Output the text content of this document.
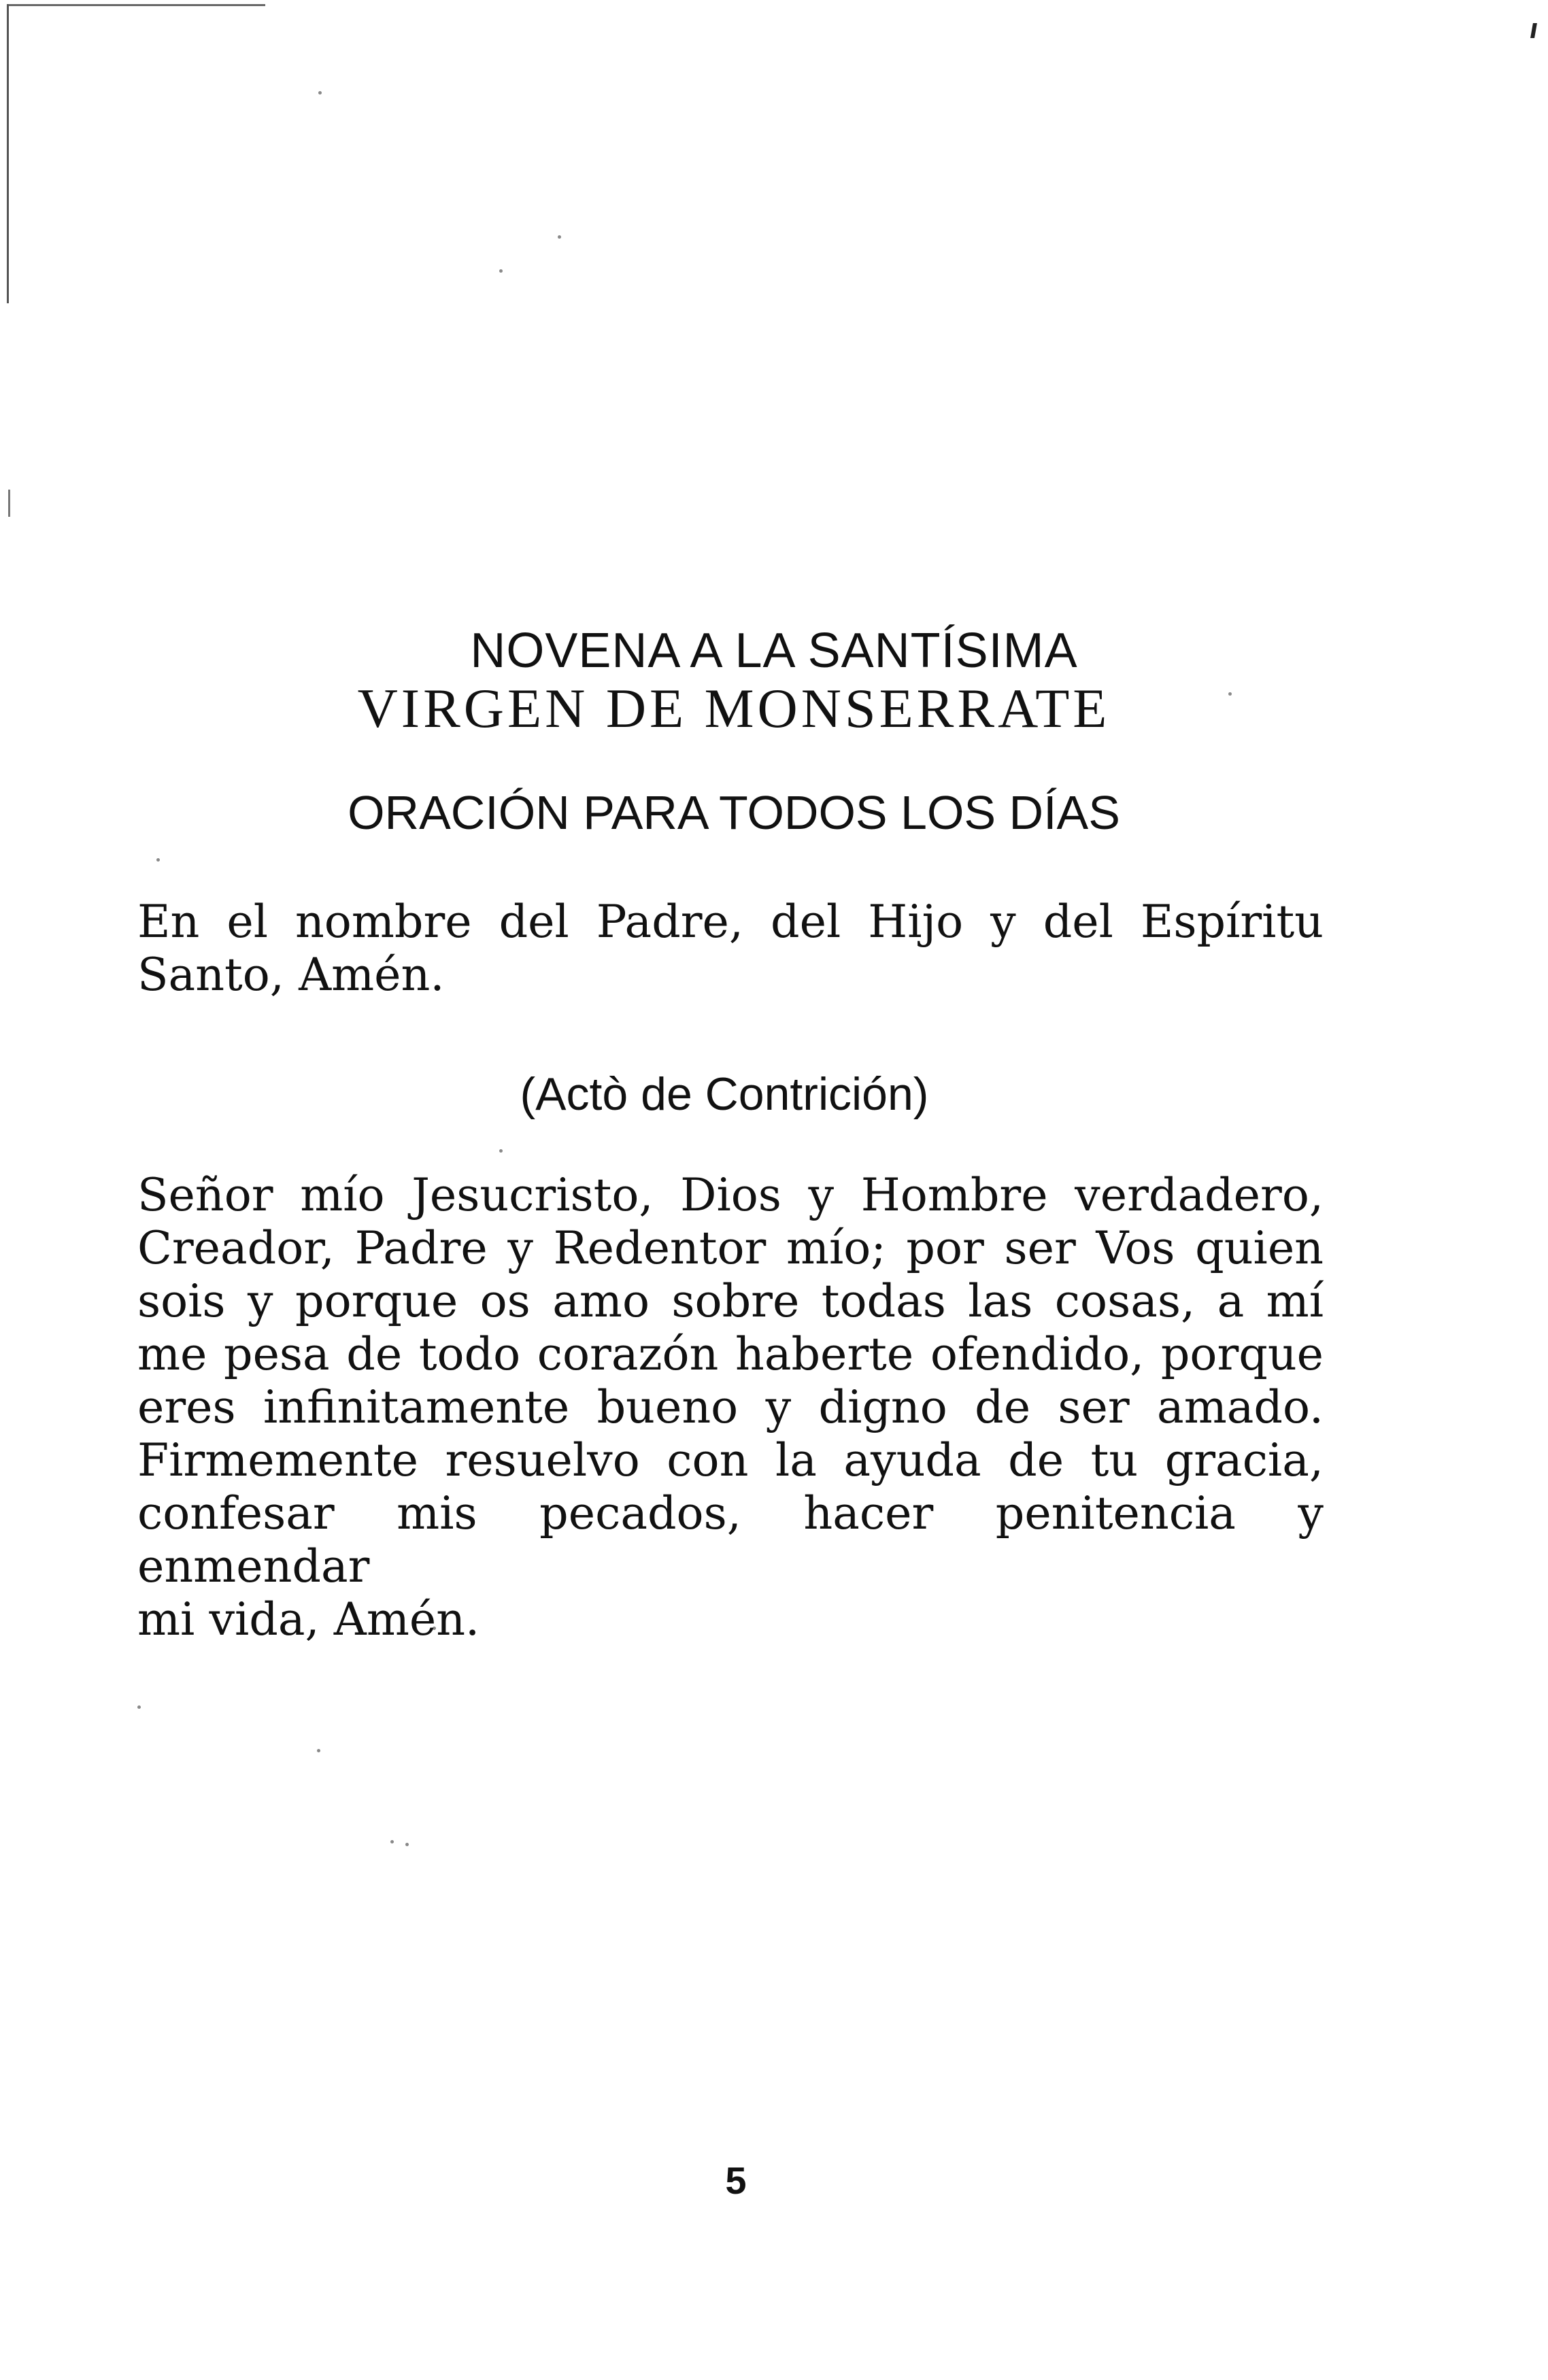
NOVENA A LA SANTÍSIMA
VIRGEN DE MONSERRATE
ORACIÓN PARA TODOS LOS DÍAS
En el nombre del Padre, del Hijo y del Espíritu
Santo, Amén.
(Actò de Contrición)
Señor mío Jesucristo, Dios y Hombre verdadero,
Creador, Padre y Redentor mío; por ser Vos quien
sois y porque os amo sobre todas las cosas, a mí
me pesa de todo corazón haberte ofendido, porque
eres infinitamente bueno y digno de ser amado.
Firmemente resuelvo con la ayuda de tu gracia,
confesar mis pecados, hacer penitencia y enmendar
mi vida, Amén.
5
